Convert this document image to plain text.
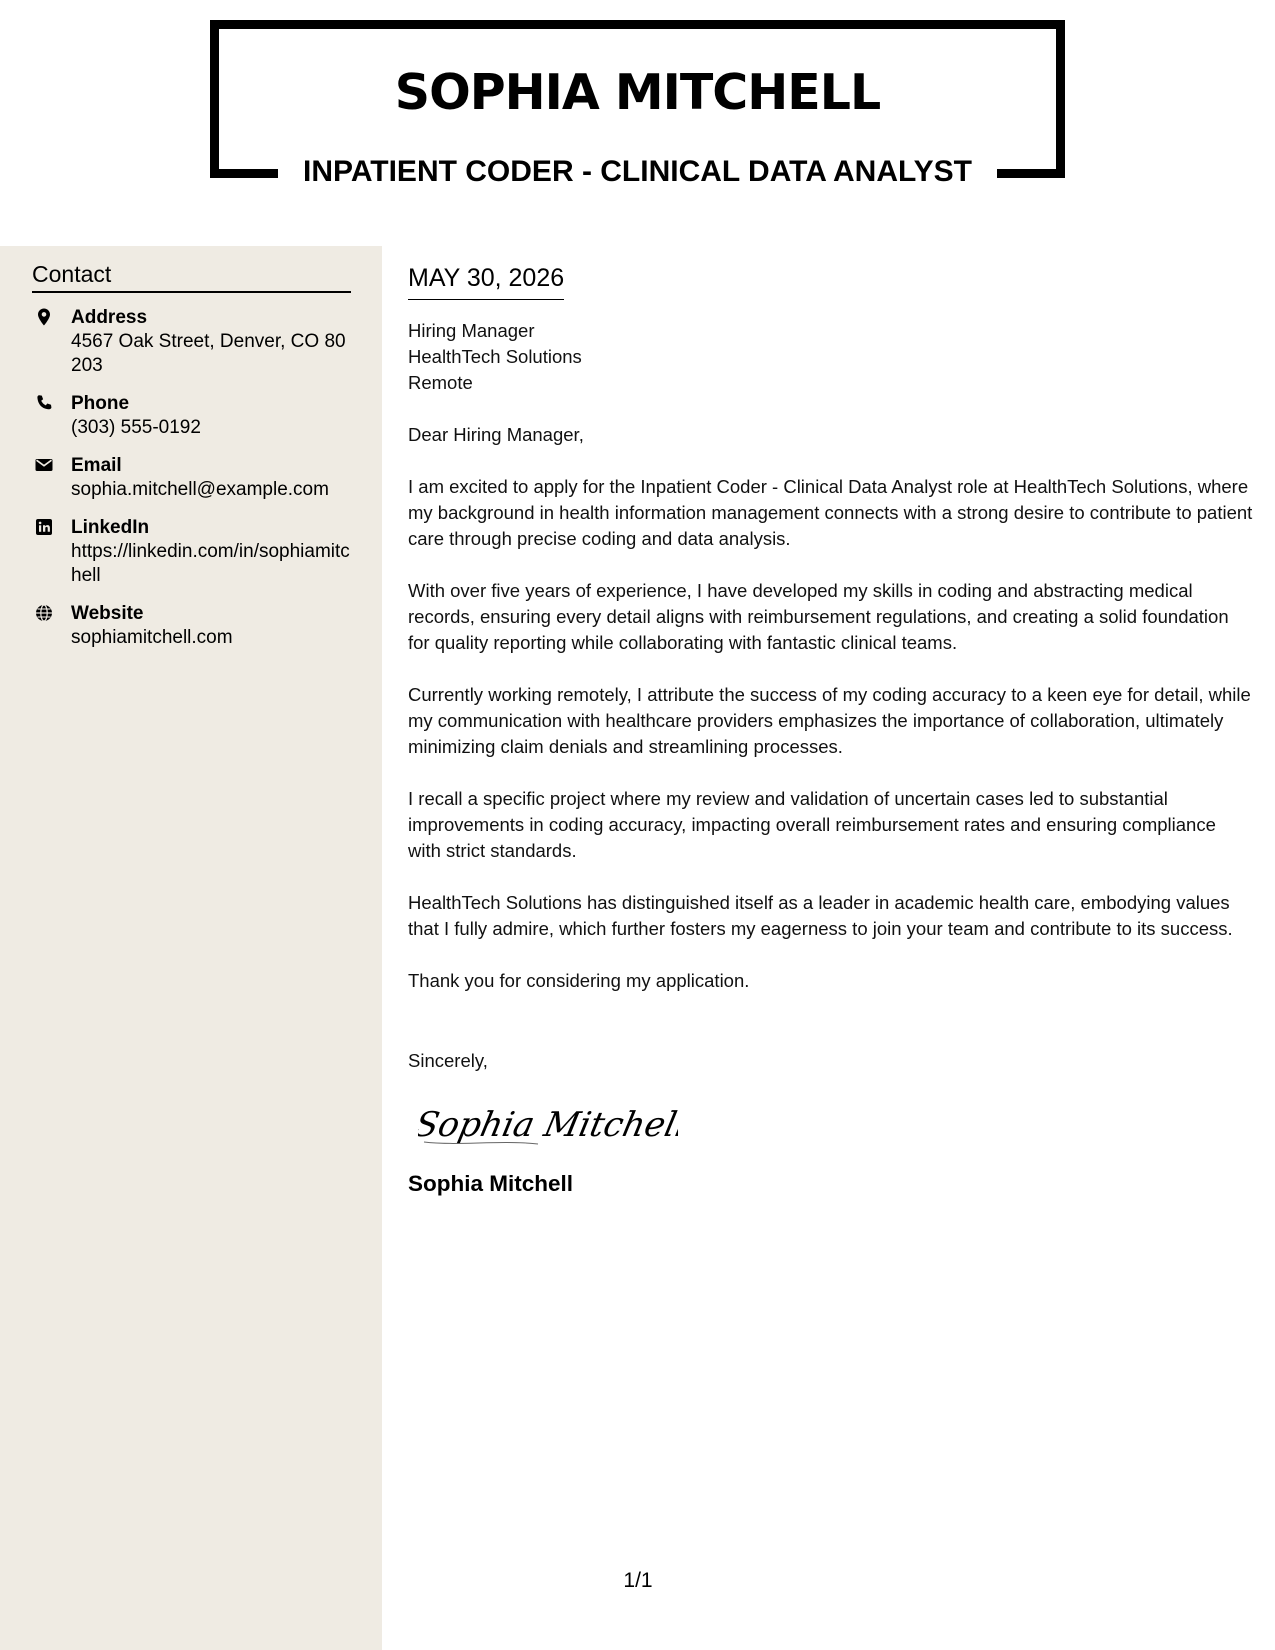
SOPHIA MITCHELL
INPATIENT CODER - CLINICAL DATA ANALYST
Contact
Address
4567 Oak Street, Denver, CO 80203
Phone
(303) 555-0192
Email
sophia.mitchell@example.com
LinkedIn
https://linkedin.com/in/sophiamitchell
Website
sophiamitchell.com
MAY 30, 2026
Hiring Manager
HealthTech Solutions
Remote
Dear Hiring Manager,

I am excited to apply for the Inpatient Coder - Clinical Data Analyst role at HealthTech Solutions, where my background in health information management connects with a strong desire to contribute to patient care through precise coding and data analysis.

With over five years of experience, I have developed my skills in coding and abstracting medical records, ensuring every detail aligns with reimbursement regulations, and creating a solid foundation for quality reporting while collaborating with fantastic clinical teams.

Currently working remotely, I attribute the success of my coding accuracy to a keen eye for detail, while my communication with healthcare providers emphasizes the importance of collaboration, ultimately minimizing claim denials and streamlining processes.

I recall a specific project where my review and validation of uncertain cases led to substantial improvements in coding accuracy, impacting overall reimbursement rates and ensuring compliance with strict standards.

HealthTech Solutions has distinguished itself as a leader in academic health care, embodying values that I fully admire, which further fosters my eagerness to join your team and contribute to its success.

Thank you for considering my application.

Sincerely,
Sophia Mitchell
Sophia Mitchell
1/1
